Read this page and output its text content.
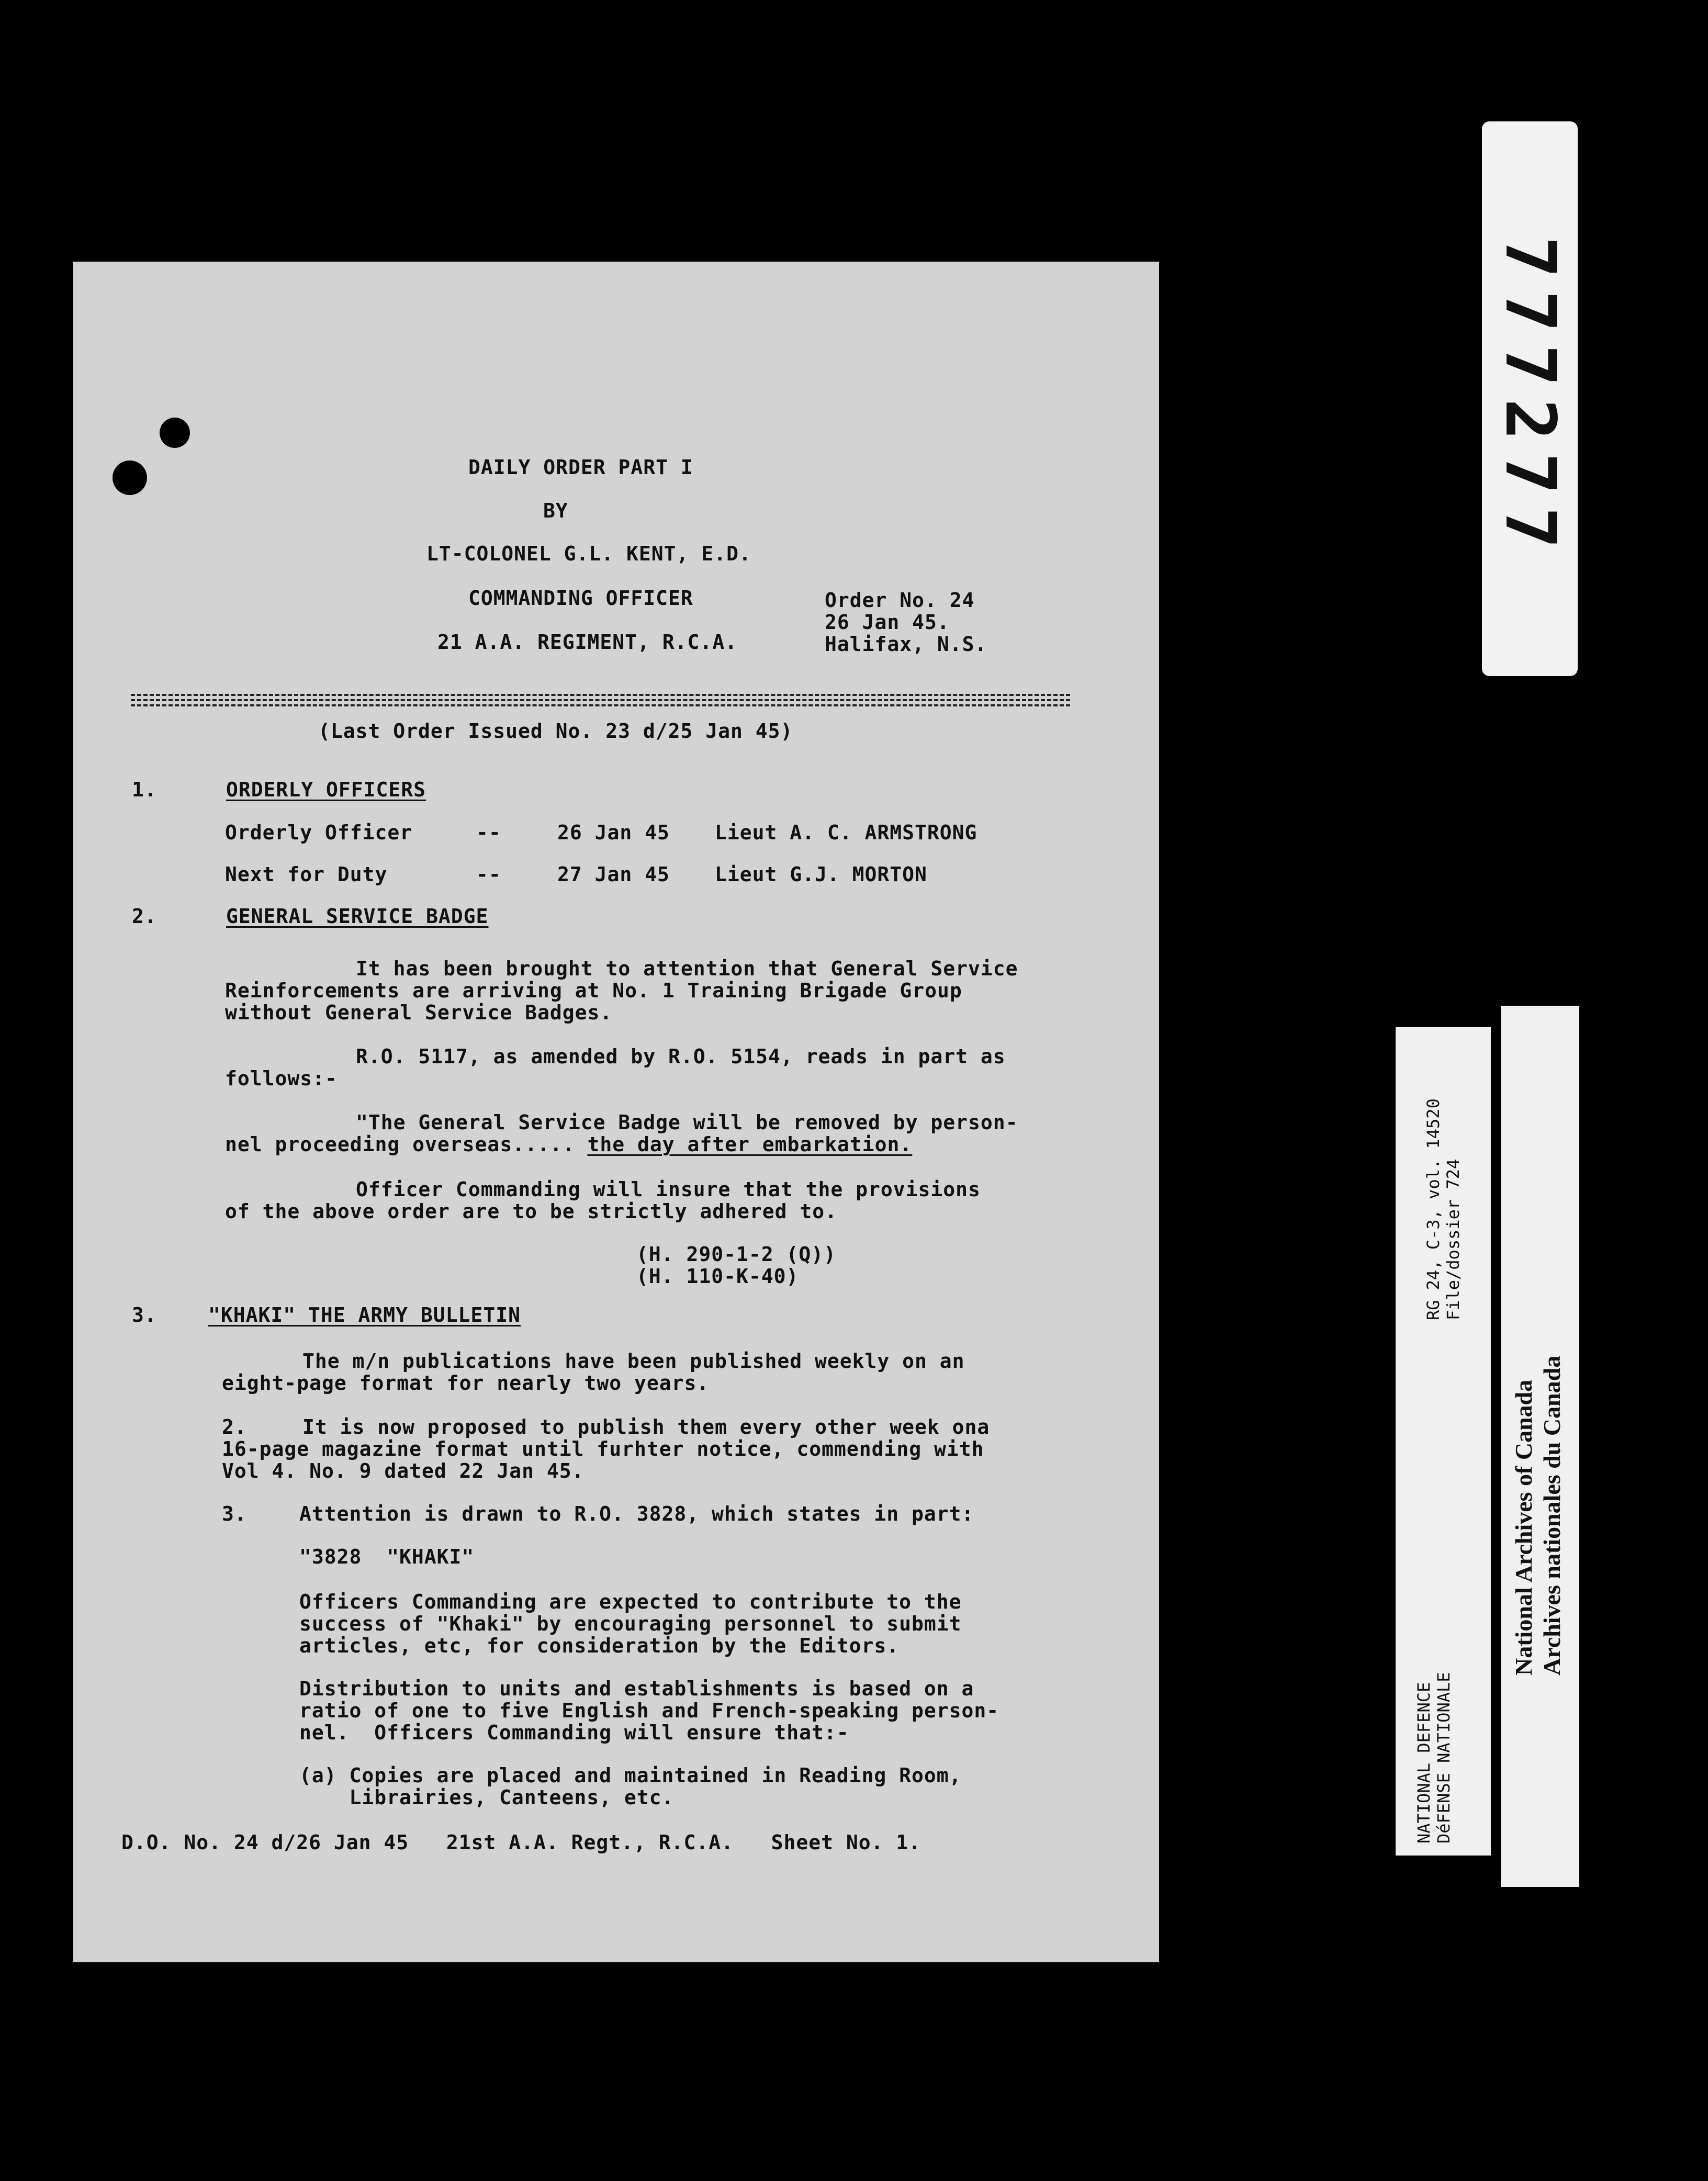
DAILY ORDER PART I
BY
LT-COLONEL G.L. KENT, E.D.
COMMANDING OFFICER
21 A.A. REGIMENT, R.C.A.
Order No. 24
26 Jan 45.
Halifax, N.S.
(Last Order Issued No. 23 d/25 Jan 45)
1.	ORDERLY OFFICERS
Orderly Officer	--	26 Jan 45 Lieut A. C. ARMSTRONG
Next for Duty	--	27 Jan 45 Lieut G.J. MORTON
2.	GENERAL SERVICE BADGE
It has been brought to attention that General Service
Reinforcements are arriving at No. 1 Training Brigade Group
without General Service Badges.
R.O. 5117, as amended by R.O. 5154, reads in part as
follows:-
"The General Service Badge will be removed by person-
nel proceeding overseas..... the day after embarkation.
Officer Commanding will insure that the provisions
of the above order are to be strictly adhered to.
(H. 290-1-2 (Q))
(H. 110-K-40)
3.	"KHAKI" THE ARMY BULLETIN
The m/n publications have been published weekly on an
eight-page format for nearly two years.
2.	It is now proposed to publish them every other week ona
16-page magazine format until furhter notice, commending with
Vol 4. No. 9 dated 22 Jan 45.
3.	Attention is drawn to R.O. 3828, which states in part:
"3828  "KHAKI"
Officers Commanding are expected to contribute to the
success of "Khaki" by encouraging personnel to submit
articles, etc, for consideration by the Editors.
Distribution to units and establishments is based on a
ratio of one to five English and French-speaking person-
nel.  Officers Commanding will ensure that:-
(a) Copies are placed and maintained in Reading Room,
Librairies, Canteens, etc.
D.O. No. 24 d/26 Jan 45   21st A.A. Regt., R.C.A.   Sheet No. 1.
777277
NATIONAL DEFENCE DéFENSE NATIONALE
RG 24, C-3, vol. 14520 File/dossier 724
National Archives of Canada Archives nationales du Canada
